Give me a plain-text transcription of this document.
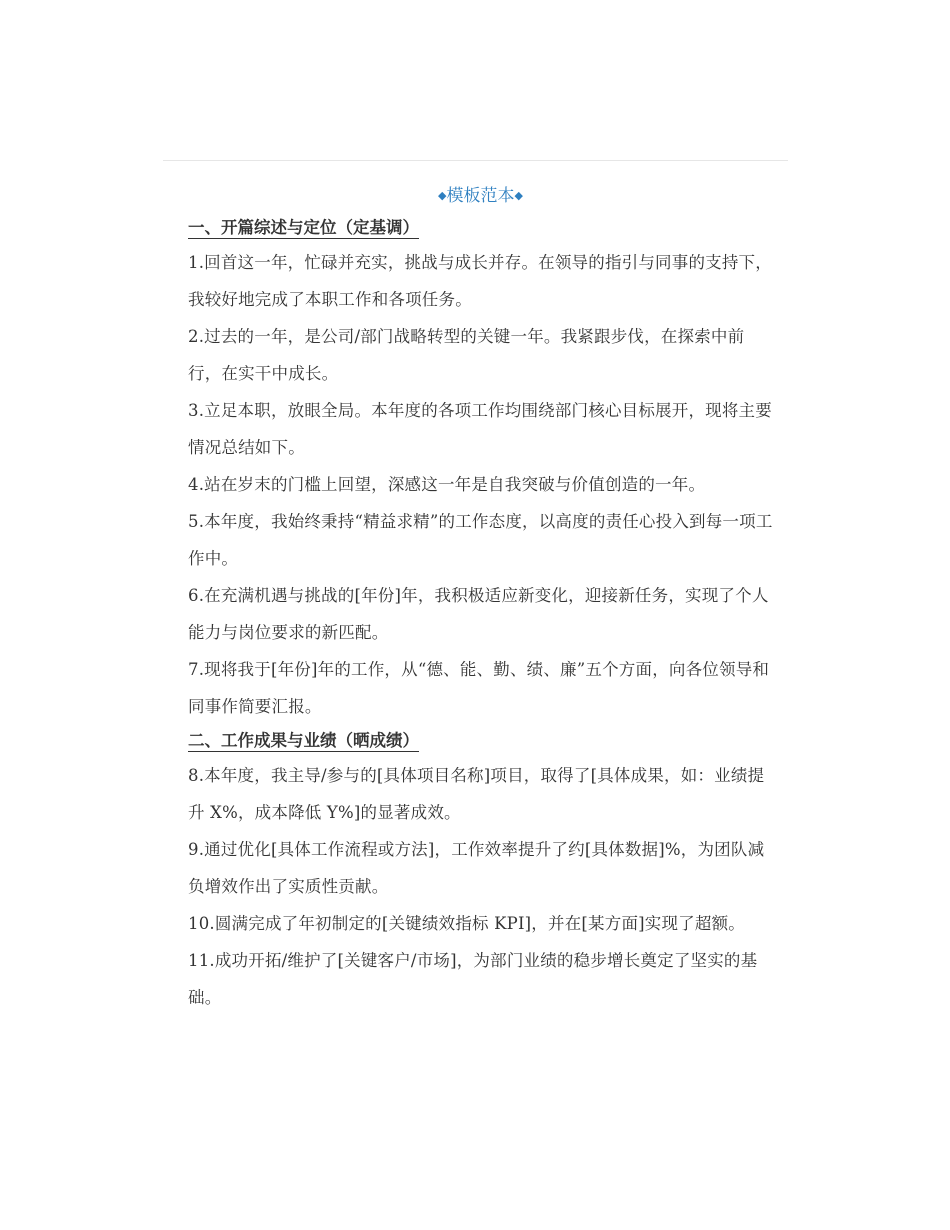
◆模板范本◆

一、开篇综述与定位（定基调）

1.回首这一年，忙碌并充实，挑战与成长并存。在领导的指引与同事的支持下，我较好地完成了本职工作和各项任务。

2.过去的一年，是公司/部门战略转型的关键一年。我紧跟步伐，在探索中前行，在实干中成长。

3.立足本职，放眼全局。本年度的各项工作均围绕部门核心目标展开，现将主要情况总结如下。

4.站在岁末的门槛上回望，深感这一年是自我突破与价值创造的一年。

5.本年度，我始终秉持“精益求精”的工作态度，以高度的责任心投入到每一项工作中。

6.在充满机遇与挑战的[年份]年，我积极适应新变化，迎接新任务，实现了个人能力与岗位要求的新匹配。

7.现将我于[年份]年的工作，从“德、能、勤、绩、廉”五个方面，向各位领导和同事作简要汇报。

二、工作成果与业绩（晒成绩）

8.本年度，我主导/参与的[具体项目名称]项目，取得了[具体成果，如：业绩提升 X%，成本降低 Y%]的显著成效。

9.通过优化[具体工作流程或方法]，工作效率提升了约[具体数据]%，为团队减负增效作出了实质性贡献。

10.圆满完成了年初制定的[关键绩效指标 KPI]，并在[某方面]实现了超额。

11.成功开拓/维护了[关键客户/市场]，为部门业绩的稳步增长奠定了坚实的基础。
